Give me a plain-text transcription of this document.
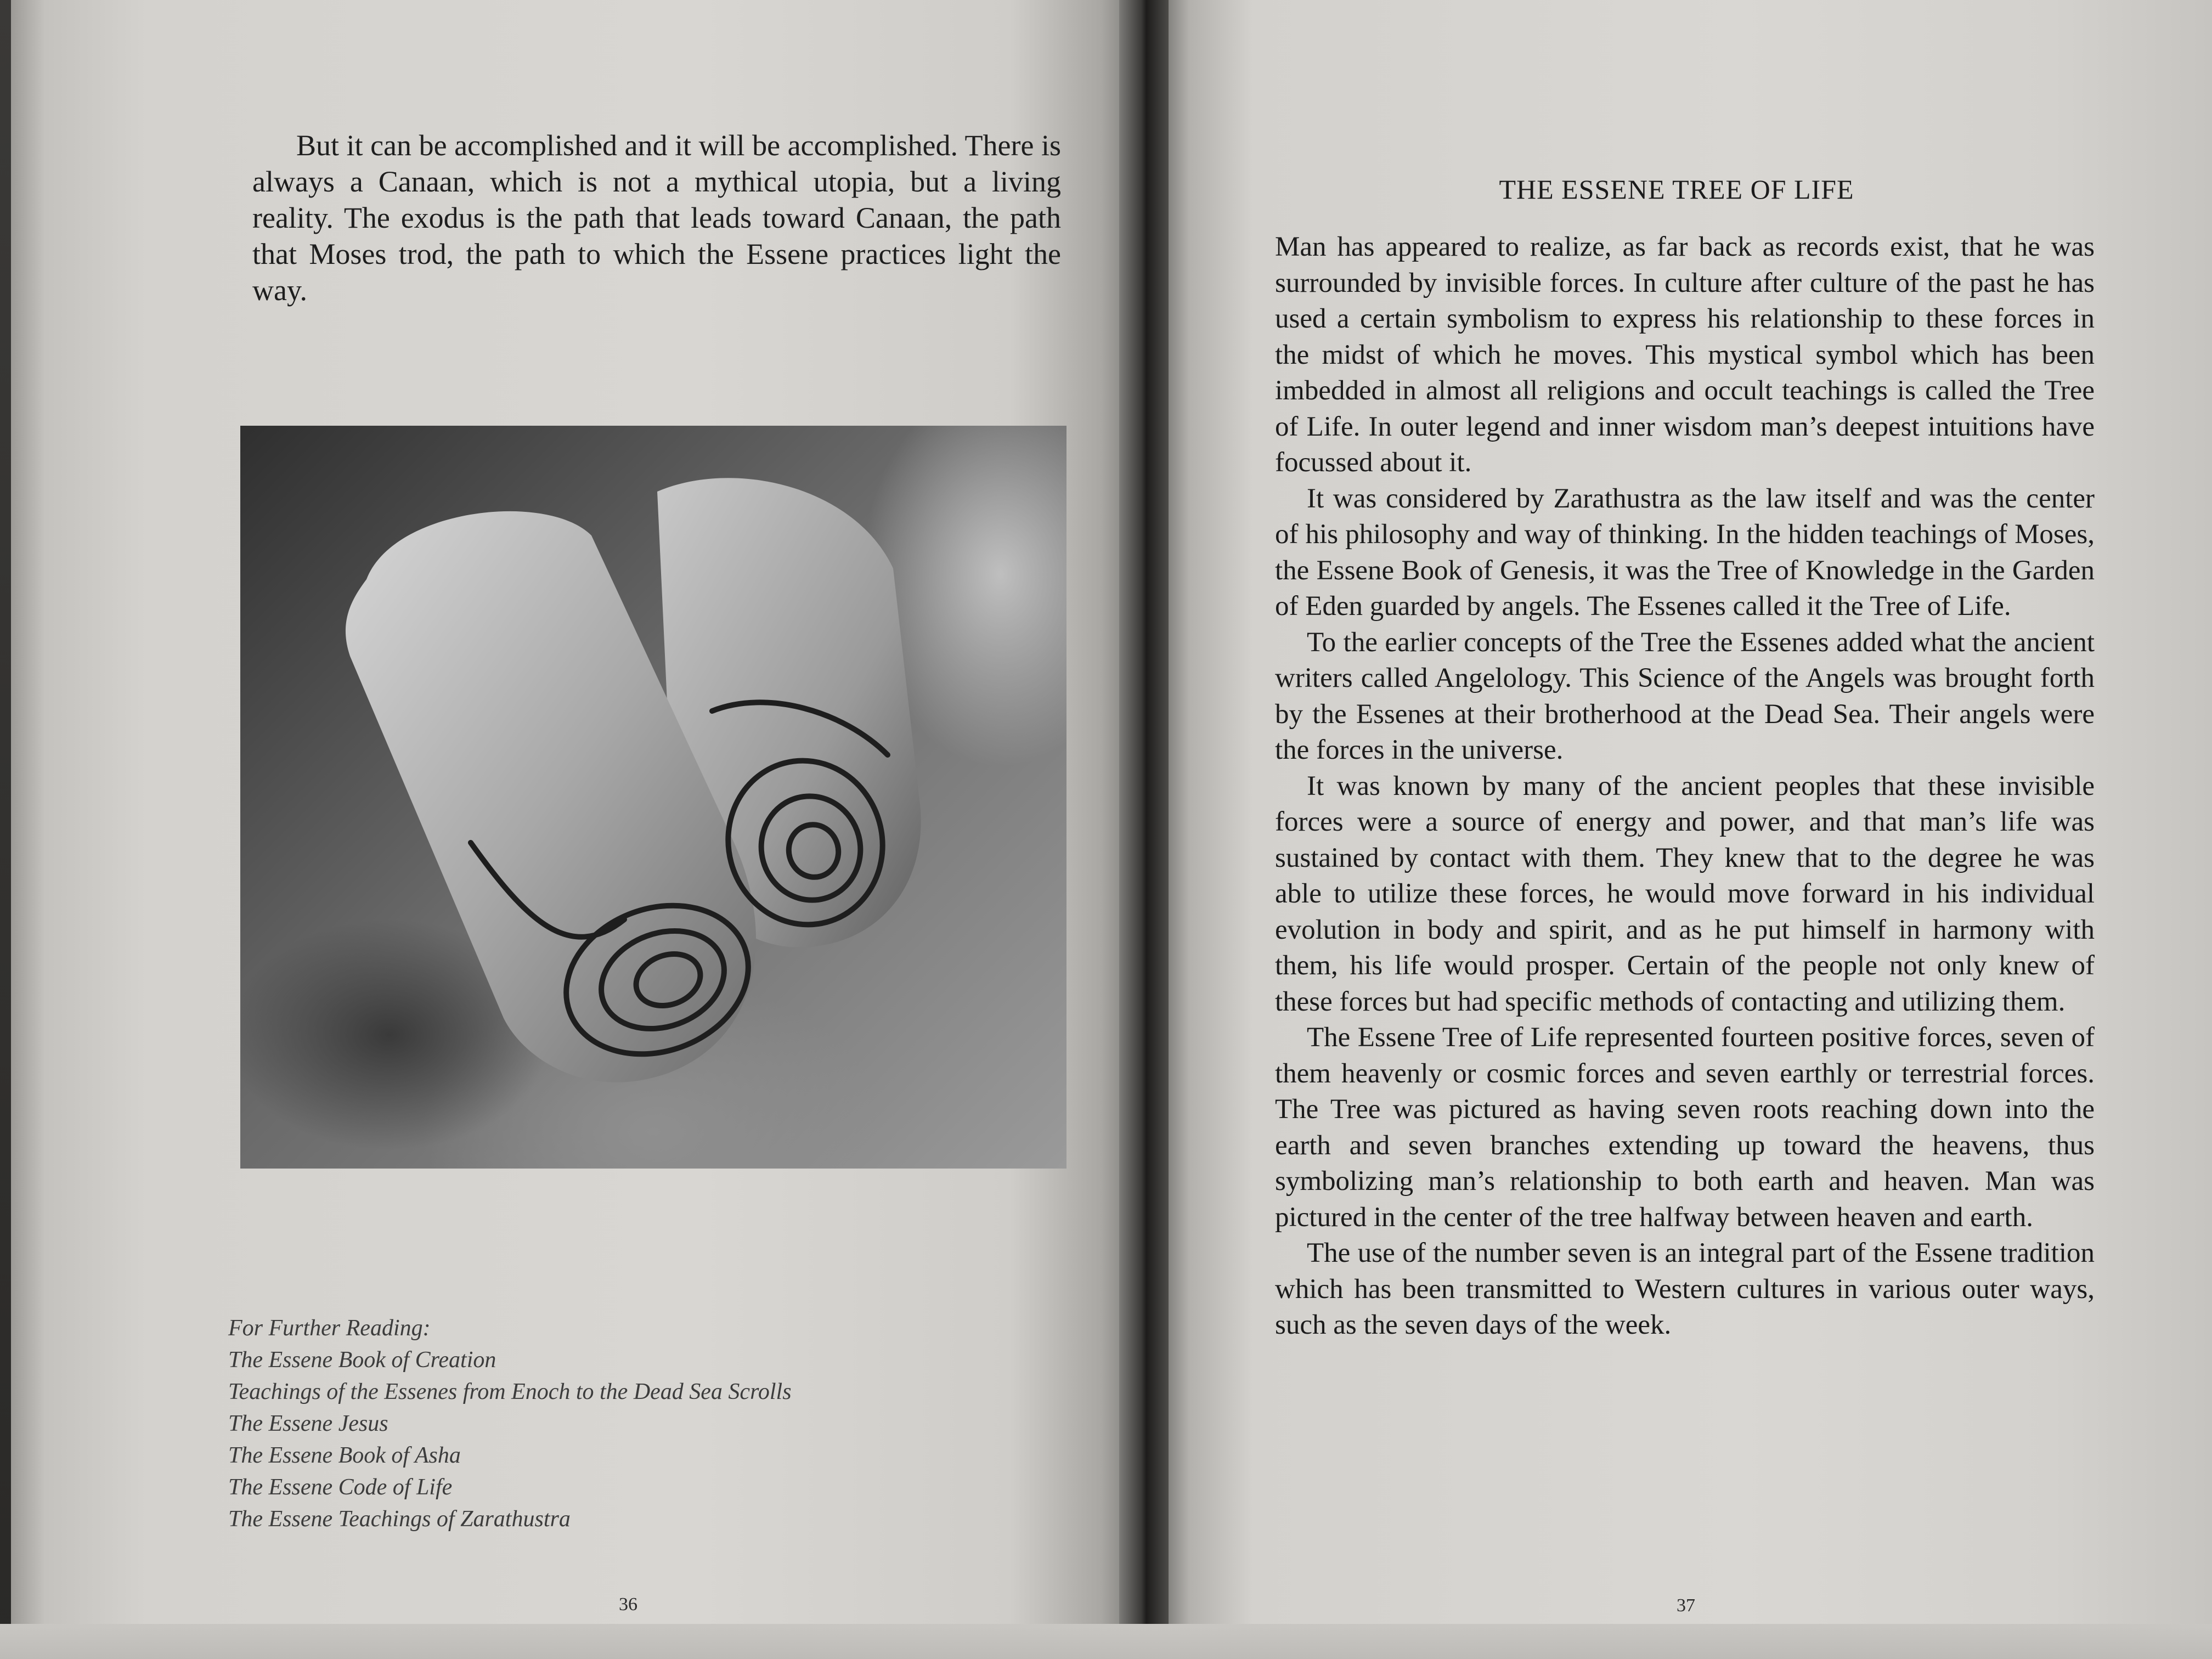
But it can be accomplished and it will be accomplished. There is always a Canaan, which is not a mythical utopia, but a living reality. The exodus is the path that leads toward Canaan, the path that Moses trod, the path to which the Essene practices light the way.

For Further Reading:
The Essene Book of Creation
Teachings of the Essenes from Enoch to the Dead Sea Scrolls
The Essene Jesus
The Essene Book of Asha
The Essene Code of Life
The Essene Teachings of Zarathustra
36
THE ESSENE TREE OF LIFE

Man has appeared to realize, as far back as records exist, that he was surrounded by invisible forces. In culture after culture of the past he has used a certain symbolism to express his relationship to these forces in the midst of which he moves. This mystical symbol which has been imbedded in almost all religions and occult teachings is called the Tree of Life. In outer legend and inner wisdom man’s deepest intuitions have focussed about it.

It was considered by Zarathustra as the law itself and was the center of his philosophy and way of thinking. In the hidden teachings of Moses, the Essene Book of Genesis, it was the Tree of Knowledge in the Garden of Eden guarded by angels. The Essenes called it the Tree of Life.

To the earlier concepts of the Tree the Essenes added what the ancient writers called Angelology. This Science of the Angels was brought forth by the Essenes at their brotherhood at the Dead Sea. Their angels were the forces in the universe.

It was known by many of the ancient peoples that these invisible forces were a source of energy and power, and that man’s life was sustained by contact with them. They knew that to the degree he was able to utilize these forces, he would move forward in his individual evolution in body and spirit, and as he put himself in harmony with them, his life would prosper. Certain of the people not only knew of these forces but had specific methods of contacting and utilizing them.

The Essene Tree of Life represented fourteen positive forces, seven of them heavenly or cosmic forces and seven earthly or terrestrial forces. The Tree was pictured as having seven roots reaching down into the earth and seven branches extending up toward the heavens, thus symbolizing man’s relationship to both earth and heaven. Man was pictured in the center of the tree halfway between heaven and earth.

The use of the number seven is an integral part of the Essene tradition which has been transmitted to Western cultures in various outer ways, such as the seven days of the week.

37
